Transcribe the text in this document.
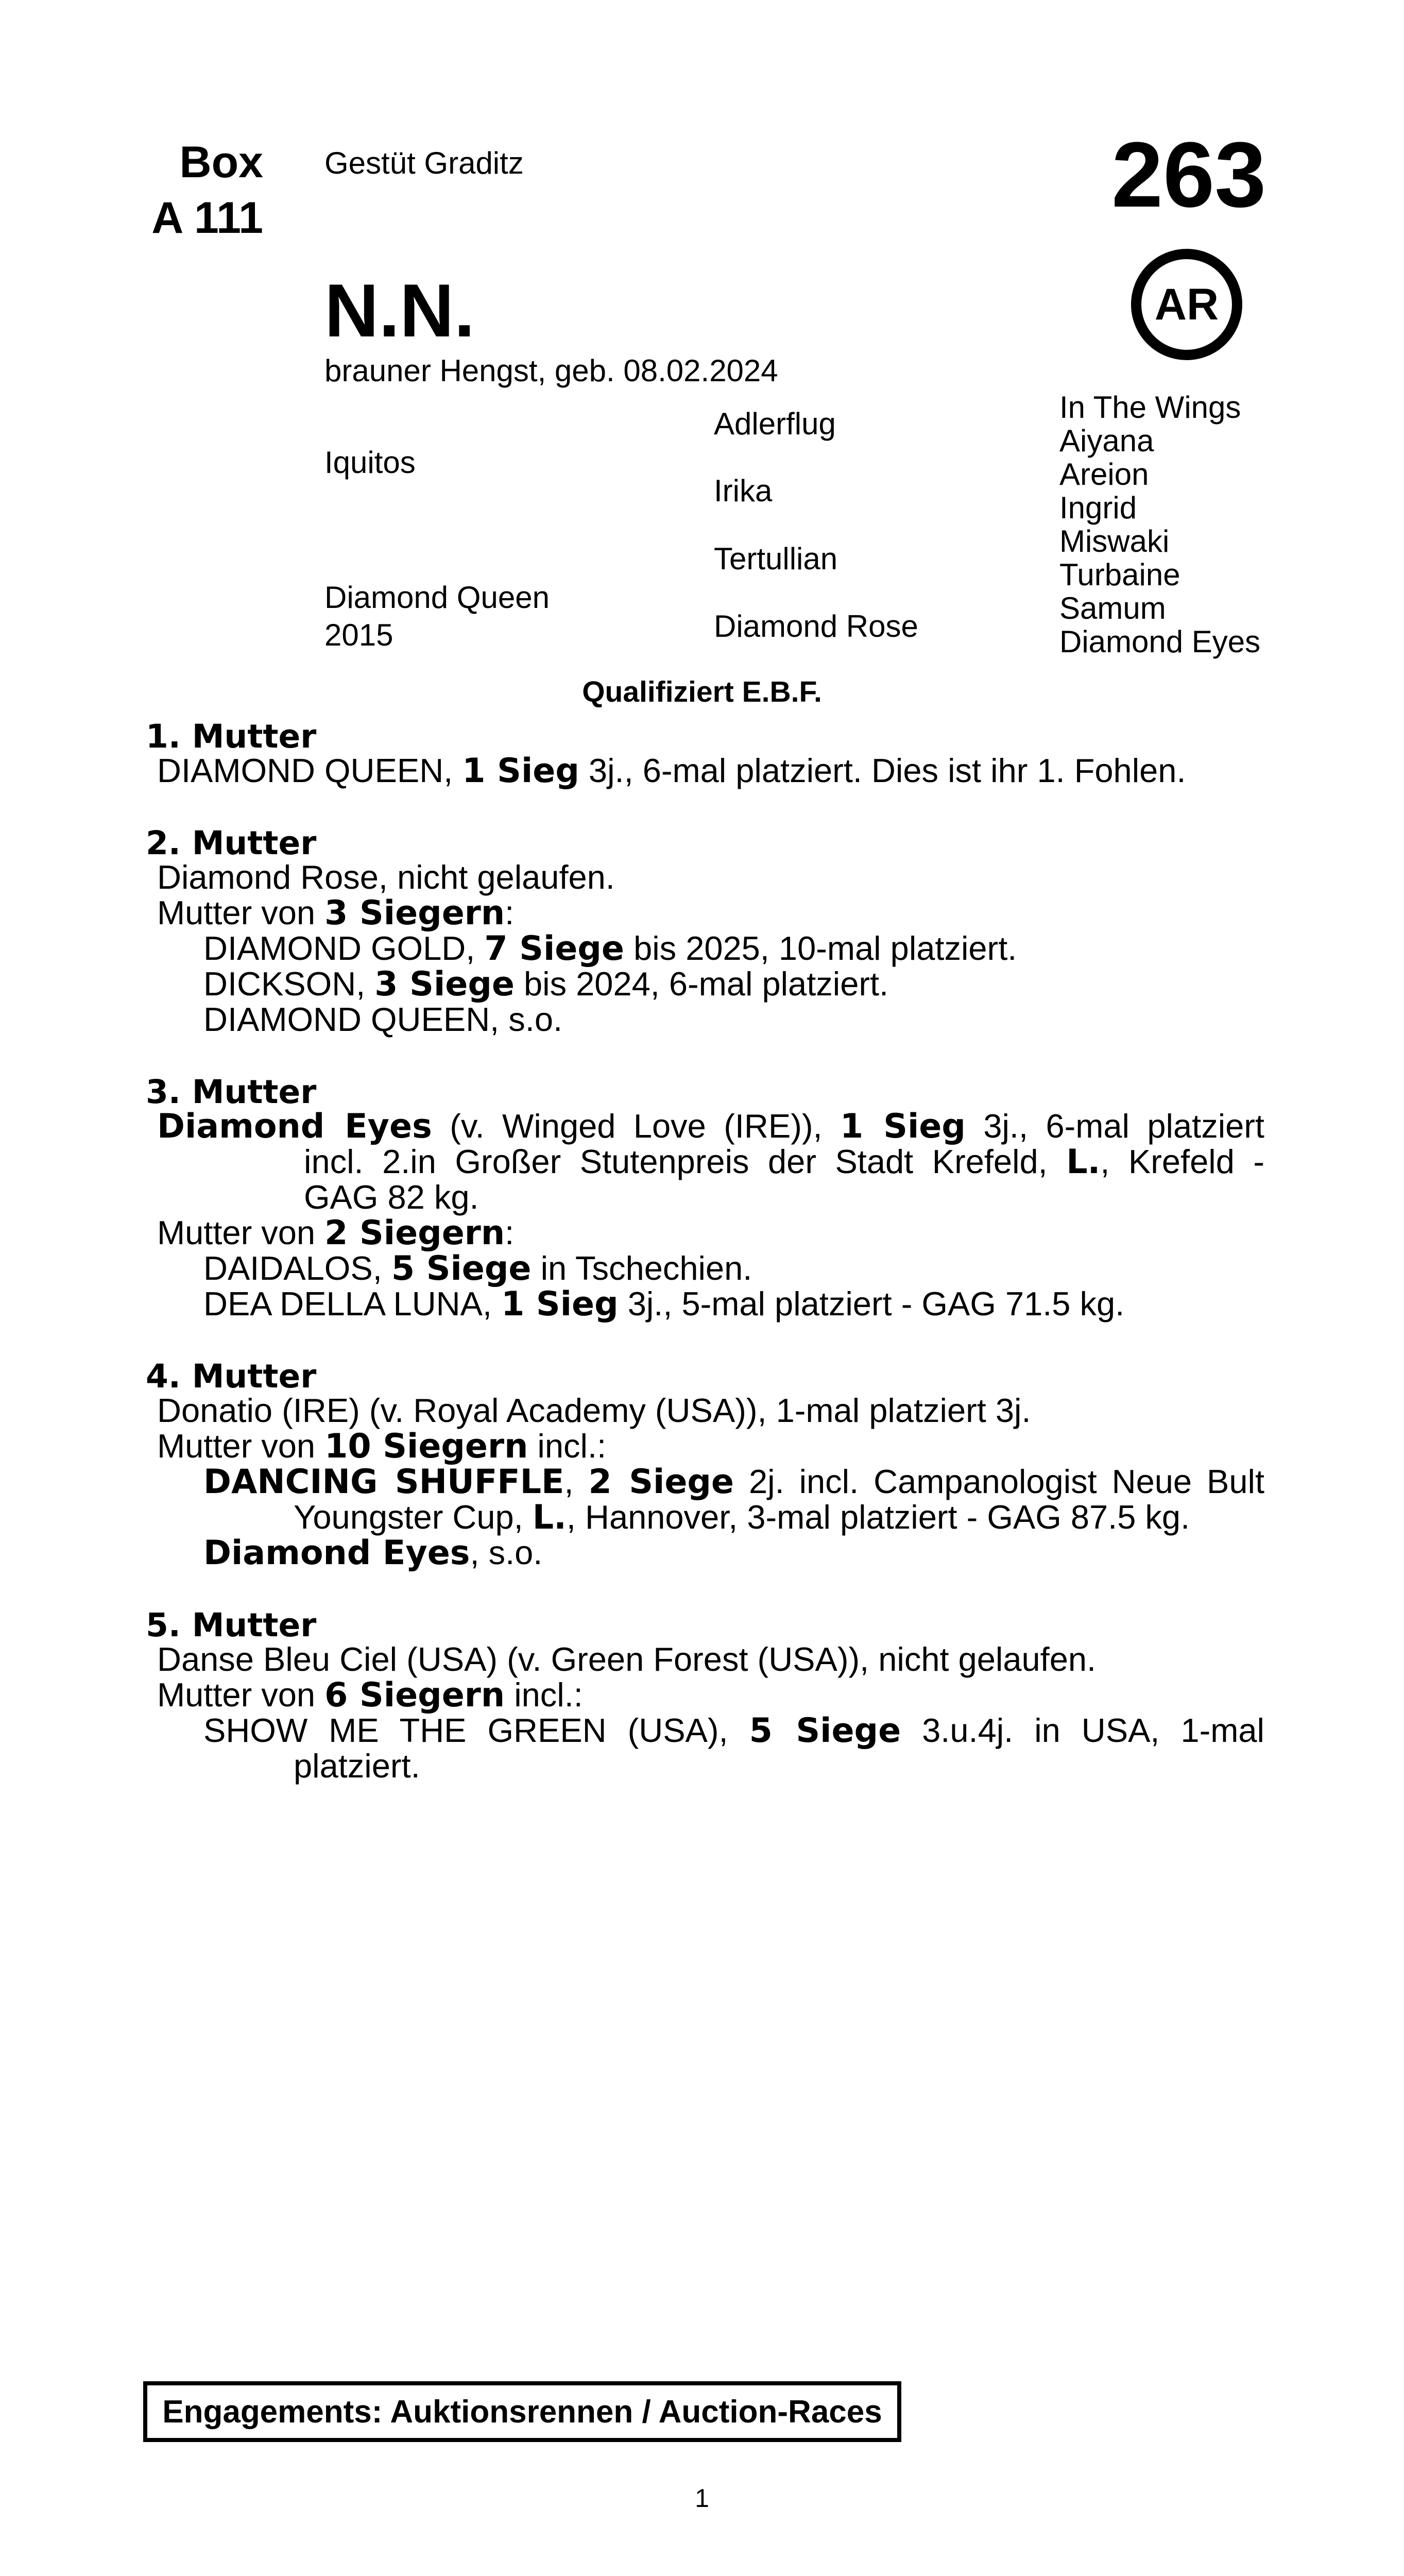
Box
A 111
Gestüt Graditz	263
AR
N.N.
brauner Hengst, geb. 08.02.2024
Iquitos
Diamond Queen
2015
Adlerflug
Irika
Tertullian
Diamond Rose
In The Wings
Aiyana
Areion
Ingrid
Miswaki
Turbaine
Samum
Diamond Eyes
Qualifiziert E.B.F.
1. Mutter
DIAMOND QUEEN, 1 Sieg 3j., 6-mal platziert. Dies ist ihr 1. Fohlen.
2. Mutter
Diamond Rose, nicht gelaufen.
Mutter von 3 Siegern:
DIAMOND GOLD, 7 Siege bis 2025, 10-mal platziert.
DICKSON, 3 Siege bis 2024, 6-mal platziert.
DIAMOND QUEEN, s.o.
3. Mutter
Diamond Eyes (v. Winged Love (IRE)), 1 Sieg 3j., 6-mal platziert
incl. 2.in Großer Stutenpreis der Stadt Krefeld, L., Krefeld -
GAG 82 kg.
Mutter von 2 Siegern:
DAIDALOS, 5 Siege in Tschechien.
DEA DELLA LUNA, 1 Sieg 3j., 5-mal platziert - GAG 71.5 kg.
4. Mutter
Donatio (IRE) (v. Royal Academy (USA)), 1-mal platziert 3j.
Mutter von 10 Siegern incl.:
DANCING SHUFFLE, 2 Siege 2j. incl. Campanologist Neue Bult
Youngster Cup, L., Hannover, 3-mal platziert - GAG 87.5 kg.
Diamond Eyes, s.o.
5. Mutter
Danse Bleu Ciel (USA) (v. Green Forest (USA)), nicht gelaufen.
Mutter von 6 Siegern incl.:
SHOW ME THE GREEN (USA), 5 Siege 3.u.4j. in USA, 1-mal
platziert.
Engagements: Auktionsrennen / Auction-Races
1
